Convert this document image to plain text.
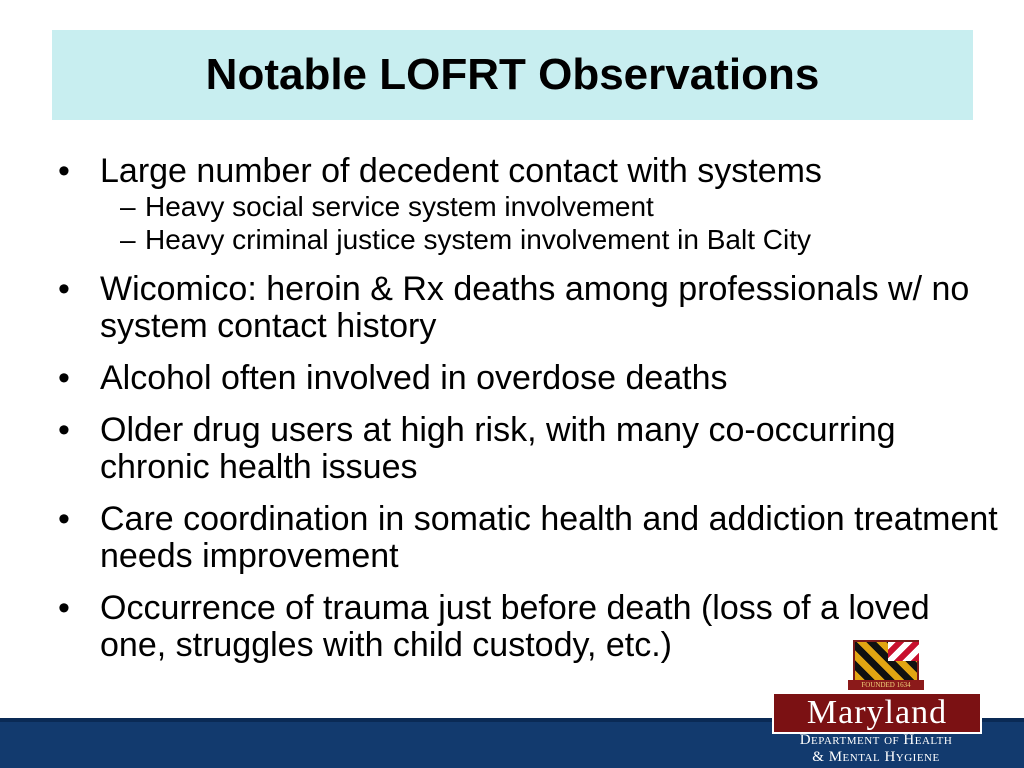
Notable LOFRT Observations
• Large number of decedent contact with systems
– Heavy social service system involvement
– Heavy criminal justice system involvement in Balt City
• Wicomico: heroin & Rx deaths among professionals w/ no system contact history
• Alcohol often involved in overdose deaths
• Older drug users at high risk, with many co-occurring chronic health issues
• Care coordination in somatic health and addiction treatment needs improvement
• Occurrence of trauma just before death (loss of a loved one, struggles with child custody, etc.)
FOUNDED 1634
Maryland
Department of Health
& Mental Hygiene
